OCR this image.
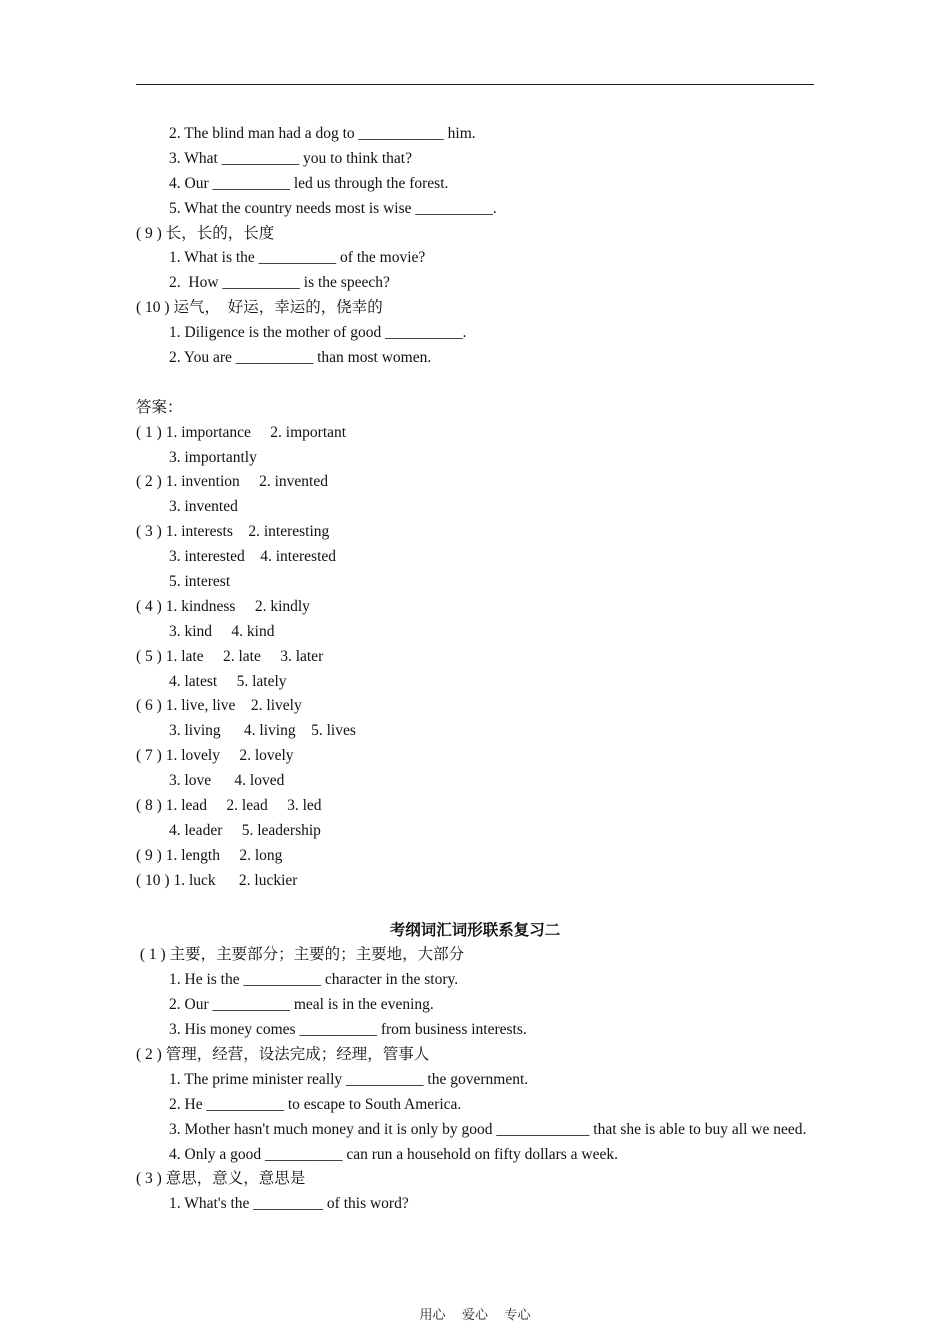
2. The blind man had a dog to ___________ him.
3. What __________ you to think that?
4. Our __________ led us through the forest.
5. What the country needs most is wise __________.
( 9 ) 长，长的，长度
1. What is the __________ of the movie?
2.  How __________ is the speech?
( 10 ) 运气，  好运，幸运的，侥幸的
1. Diligence is the mother of good __________.
2. You are __________ than most women.
答案：
( 1 ) 1. importance     2. important
3. importantly
( 2 ) 1. invention     2. invented
3. invented
( 3 ) 1. interests    2. interesting
3. interested    4. interested
5. interest
( 4 ) 1. kindness     2. kindly
3. kind     4. kind
( 5 ) 1. late     2. late     3. later
4. latest     5. lately
( 6 ) 1. live, live    2. lively
3. living      4. living    5. lives
( 7 ) 1. lovely     2. lovely
3. love      4. loved
( 8 ) 1. lead     2. lead     3. led
4. leader     5. leadership
( 9 ) 1. length     2. long
( 10 ) 1. luck      2. luckier
考纲词汇词形联系复习二
( 1 ) 主要，主要部分；主要的；主要地，大部分
1. He is the __________ character in the story.
2. Our __________ meal is in the evening.
3. His money comes __________ from business interests.
( 2 ) 管理，经营，设法完成；经理，管事人
1. The prime minister really __________ the government.
2. He __________ to escape to South America.
3. Mother hasn't much money and it is only by good ____________ that she is able to buy all we need.
4. Only a good __________ can run a household on fifty dollars a week.
( 3 ) 意思，意义，意思是
1. What's the _________ of this word?
用心    爱心    专心
